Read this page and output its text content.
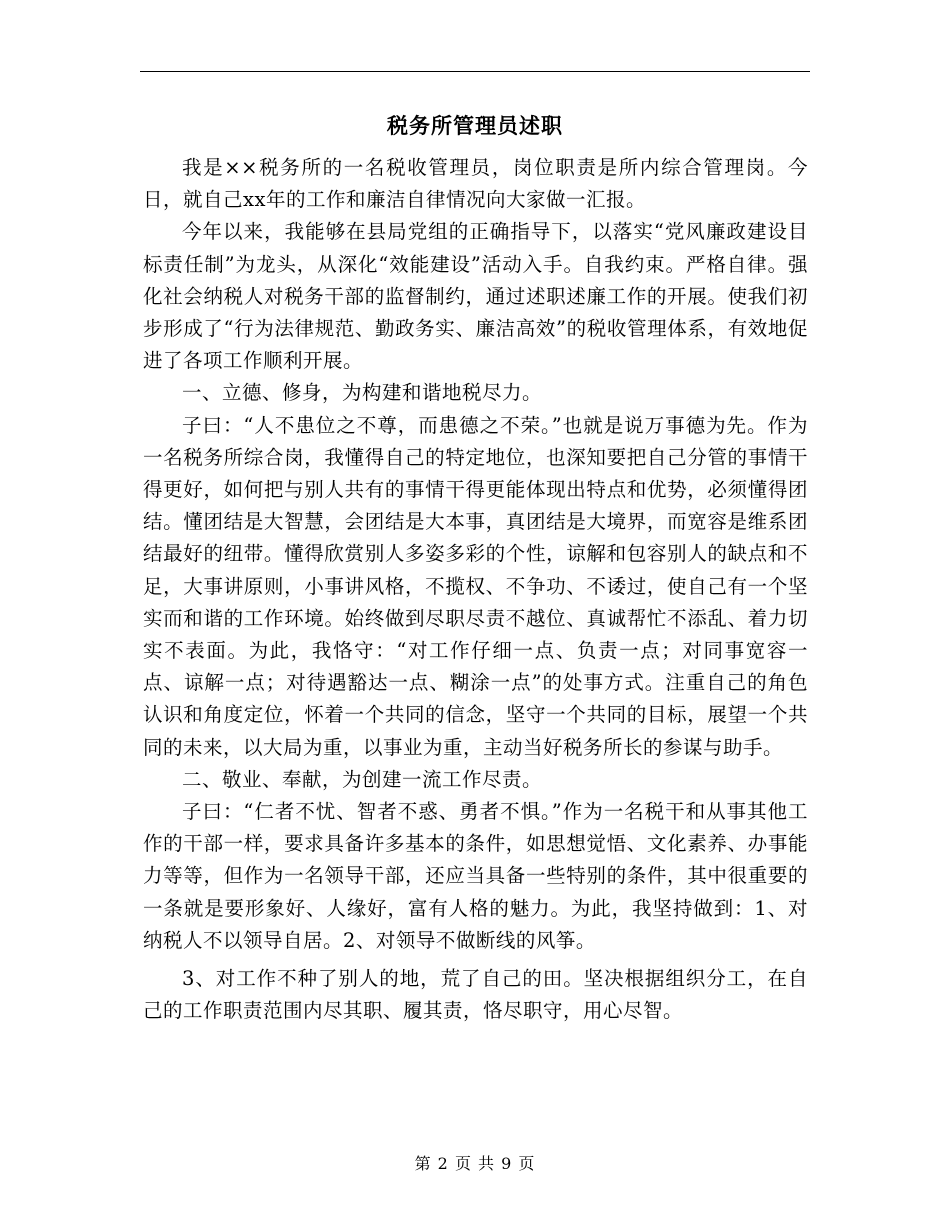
税务所管理员述职

我是××税务所的一名税收管理员，岗位职责是所内综合管理岗。今日，就自己xx年的工作和廉洁自律情况向大家做一汇报。

今年以来，我能够在县局党组的正确指导下，以落实“党风廉政建设目标责任制”为龙头，从深化“效能建设”活动入手。自我约束。严格自律。强化社会纳税人对税务干部的监督制约，通过述职述廉工作的开展。使我们初步形成了“行为法律规范、勤政务实、廉洁高效”的税收管理体系，有效地促进了各项工作顺利开展。

一、立德、修身，为构建和谐地税尽力。

子曰：“人不患位之不尊，而患德之不荣。”也就是说万事德为先。作为一名税务所综合岗，我懂得自己的特定地位，也深知要把自己分管的事情干得更好，如何把与别人共有的事情干得更能体现出特点和优势，必须懂得团结。懂团结是大智慧，会团结是大本事，真团结是大境界，而宽容是维系团结最好的纽带。懂得欣赏别人多姿多彩的个性，谅解和包容别人的缺点和不足，大事讲原则，小事讲风格，不揽权、不争功、不诿过，使自己有一个坚实而和谐的工作环境。始终做到尽职尽责不越位、真诚帮忙不添乱、着力切实不表面。为此，我恪守：“对工作仔细一点、负责一点；对同事宽容一点、谅解一点；对待遇豁达一点、糊涂一点”的处事方式。注重自己的角色认识和角度定位，怀着一个共同的信念，坚守一个共同的目标，展望一个共同的未来，以大局为重，以事业为重，主动当好税务所长的参谋与助手。

二、敬业、奉献，为创建一流工作尽责。

子曰：“仁者不忧、智者不惑、勇者不惧。”作为一名税干和从事其他工作的干部一样，要求具备许多基本的条件，如思想觉悟、文化素养、办事能力等等，但作为一名领导干部，还应当具备一些特别的条件，其中很重要的一条就是要形象好、人缘好，富有人格的魅力。为此，我坚持做到：1、对纳税人不以领导自居。2、对领导不做断线的风筝。

3、对工作不种了别人的地，荒了自己的田。坚决根据组织分工，在自己的工作职责范围内尽其职、履其责，恪尽职守，用心尽智。

第 2 页 共 9 页
